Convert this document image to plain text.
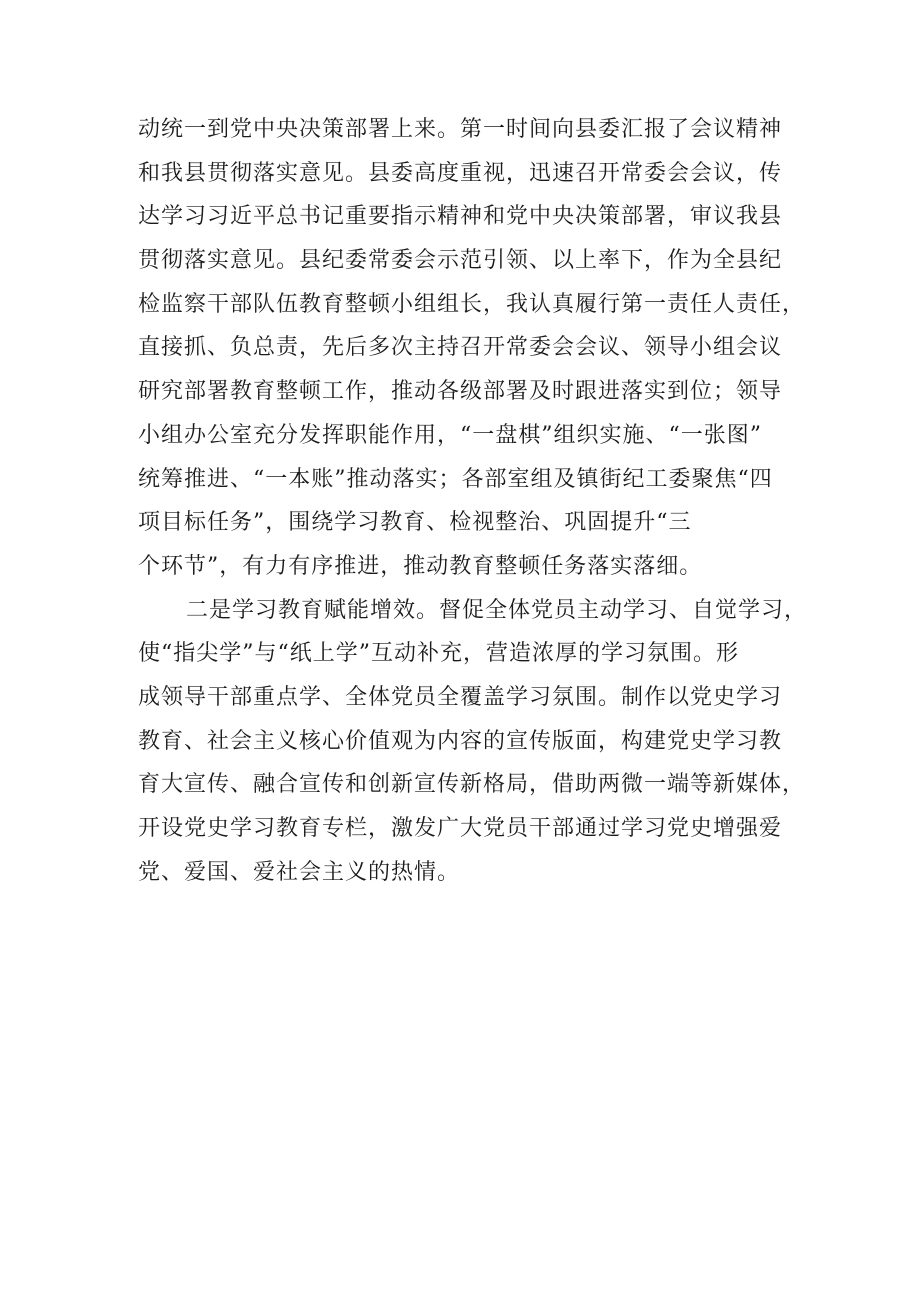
动统一到党中央决策部署上来。第一时间向县委汇报了会议精神
和我县贯彻落实意见。县委高度重视，迅速召开常委会会议，传
达学习习近平总书记重要指示精神和党中央决策部署，审议我县
贯彻落实意见。县纪委常委会示范引领、以上率下，作为全县纪
检监察干部队伍教育整顿小组组长，我认真履行第一责任人责任，
直接抓、负总责，先后多次主持召开常委会会议、领导小组会议
研究部署教育整顿工作，推动各级部署及时跟进落实到位；领导
小组办公室充分发挥职能作用，“一盘棋”组织实施、“一张图”
统筹推进、“一本账”推动落实；各部室组及镇街纪工委聚焦“四
项目标任务”，围绕学习教育、检视整治、巩固提升“三
个环节”，有力有序推进，推动教育整顿任务落实落细。
二是学习教育赋能增效。督促全体党员主动学习、自觉学习，
使“指尖学”与“纸上学”互动补充，营造浓厚的学习氛围。形
成领导干部重点学、全体党员全覆盖学习氛围。制作以党史学习
教育、社会主义核心价值观为内容的宣传版面，构建党史学习教
育大宣传、融合宣传和创新宣传新格局，借助两微一端等新媒体，
开设党史学习教育专栏，激发广大党员干部通过学习党史增强爱
党、爱国、爱社会主义的热情。
